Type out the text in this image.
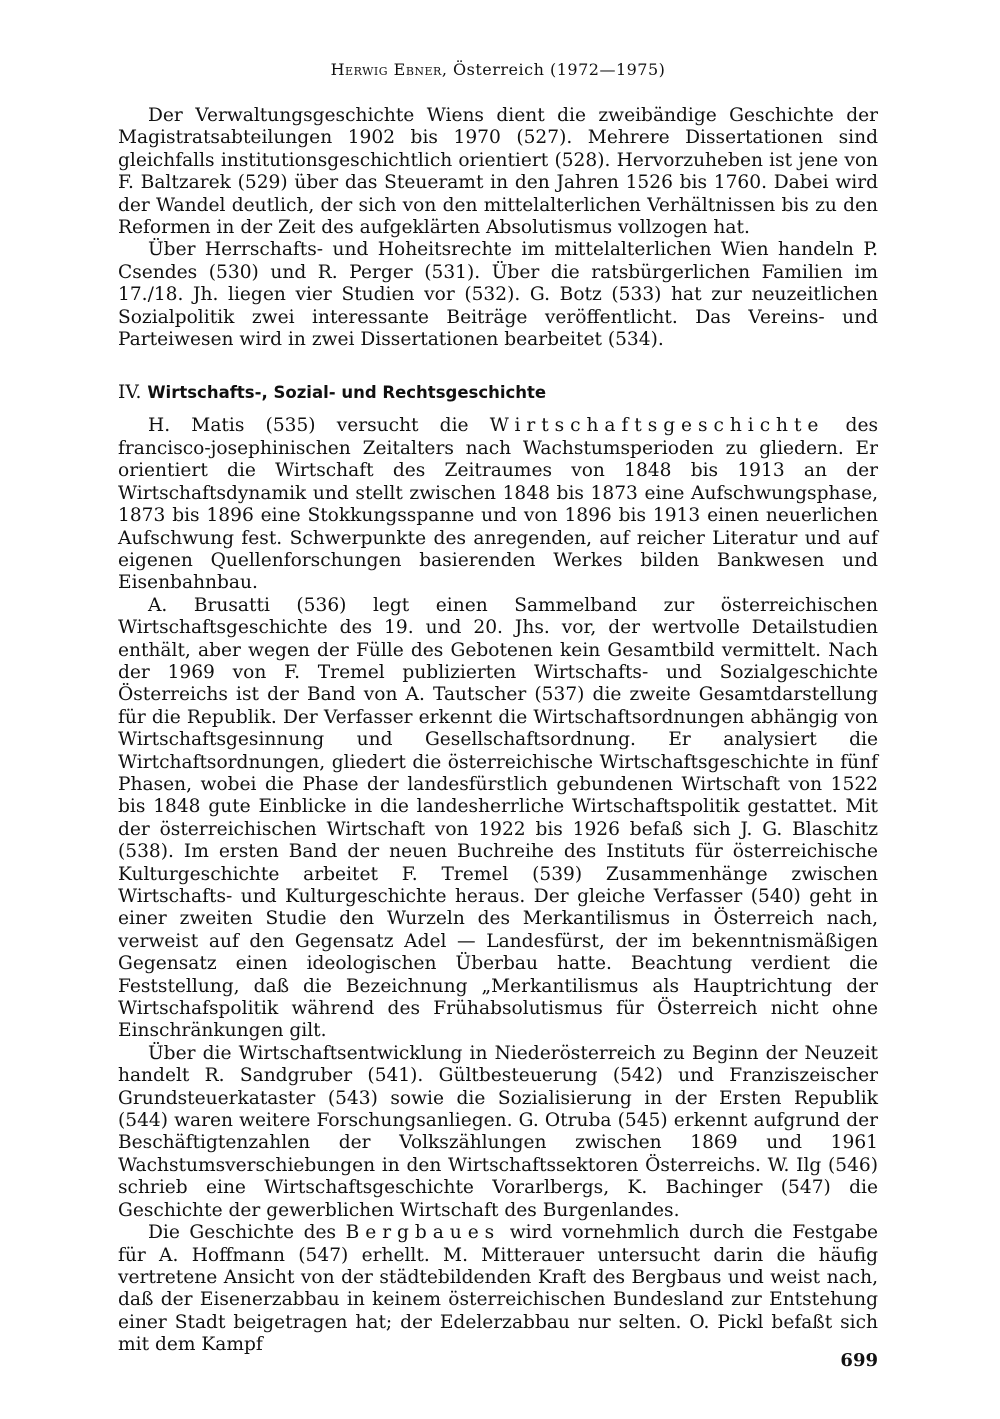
Herwig Ebner, Österreich (1972—1975)

Der Verwaltungsgeschichte Wiens dient die zweibändige Geschichte der Magistratsabteilungen 1902 bis 1970 (527). Mehrere Dissertationen sind gleichfalls institutionsgeschichtlich orientiert (528). Hervorzuheben ist jene von F. Baltzarek (529) über das Steueramt in den Jahren 1526 bis 1760. Dabei wird der Wandel deutlich, der sich von den mittelalterlichen Verhältnissen bis zu den Reformen in der Zeit des aufgeklärten Absolutismus vollzogen hat.

Über Herrschafts- und Hoheitsrechte im mittelalterlichen Wien handeln P. Csendes (530) und R. Perger (531). Über die ratsbürgerlichen Familien im 17./18. Jh. liegen vier Studien vor (532). G. Botz (533) hat zur neuzeitlichen Sozialpolitik zwei interessante Beiträge veröffentlicht. Das Vereins- und Parteiwesen wird in zwei Dissertationen bearbeitet (534).

IV. Wirtschafts-, Sozial- und Rechtsgeschichte

H. Matis (535) versucht die Wirtschaftsgeschichte des francisco-josephinischen Zeitalters nach Wachstumsperioden zu gliedern. Er orientiert die Wirtschaft des Zeitraumes von 1848 bis 1913 an der Wirtschaftsdynamik und stellt zwischen 1848 bis 1873 eine Aufschwungsphase, 1873 bis 1896 eine Stokkungsspanne und von 1896 bis 1913 einen neuerlichen Aufschwung fest. Schwerpunkte des anregenden, auf reicher Literatur und auf eigenen Quellenforschungen basierenden Werkes bilden Bankwesen und Eisenbahnbau.

A. Brusatti (536) legt einen Sammelband zur österreichischen Wirtschaftsgeschichte des 19. und 20. Jhs. vor, der wertvolle Detailstudien enthält, aber wegen der Fülle des Gebotenen kein Gesamtbild vermittelt. Nach der 1969 von F. Tremel publizierten Wirtschafts- und Sozialgeschichte Österreichs ist der Band von A. Tautscher (537) die zweite Gesamtdarstellung für die Republik. Der Verfasser erkennt die Wirtschaftsordnungen abhängig von Wirtschaftsgesinnung und Gesellschaftsordnung. Er analysiert die Wirtchaftsordnungen, gliedert die österreichische Wirtschaftsgeschichte in fünf Phasen, wobei die Phase der landesfürstlich gebundenen Wirtschaft von 1522 bis 1848 gute Einblicke in die landesherrliche Wirtschaftspolitik gestattet. Mit der österreichischen Wirtschaft von 1922 bis 1926 befaß sich J. G. Blaschitz (538). Im ersten Band der neuen Buchreihe des Instituts für österreichische Kulturgeschichte arbeitet F. Tremel (539) Zusammenhänge zwischen Wirtschafts- und Kulturgeschichte heraus. Der gleiche Verfasser (540) geht in einer zweiten Studie den Wurzeln des Merkantilismus in Österreich nach, verweist auf den Gegensatz Adel — Landesfürst, der im bekenntnismäßigen Gegensatz einen ideologischen Überbau hatte. Beachtung verdient die Feststellung, daß die Bezeichnung „Merkantilismus als Hauptrichtung der Wirtschafspolitik während des Frühabsolutismus für Österreich nicht ohne Einschränkungen gilt.

Über die Wirtschaftsentwicklung in Niederösterreich zu Beginn der Neuzeit handelt R. Sandgruber (541). Gültbesteuerung (542) und Franziszeischer Grundsteuerkataster (543) sowie die Sozialisierung in der Ersten Republik (544) waren weitere Forschungsanliegen. G. Otruba (545) erkennt aufgrund der Beschäftigtenzahlen der Volkszählungen zwischen 1869 und 1961 Wachstumsverschiebungen in den Wirtschaftssektoren Österreichs. W. Ilg (546) schrieb eine Wirtschaftsgeschichte Vorarlbergs, K. Bachinger (547) die Geschichte der gewerblichen Wirtschaft des Burgenlandes.

Die Geschichte des Bergbaues wird vornehmlich durch die Festgabe für A. Hoffmann (547) erhellt. M. Mitterauer untersucht darin die häufig vertretene Ansicht von der städtebildenden Kraft des Bergbaus und weist nach, daß der Eisenerzabbau in keinem österreichischen Bundesland zur Entstehung einer Stadt beigetragen hat; der Edelerzabbau nur selten. O. Pickl befaßt sich mit dem Kampf

699
